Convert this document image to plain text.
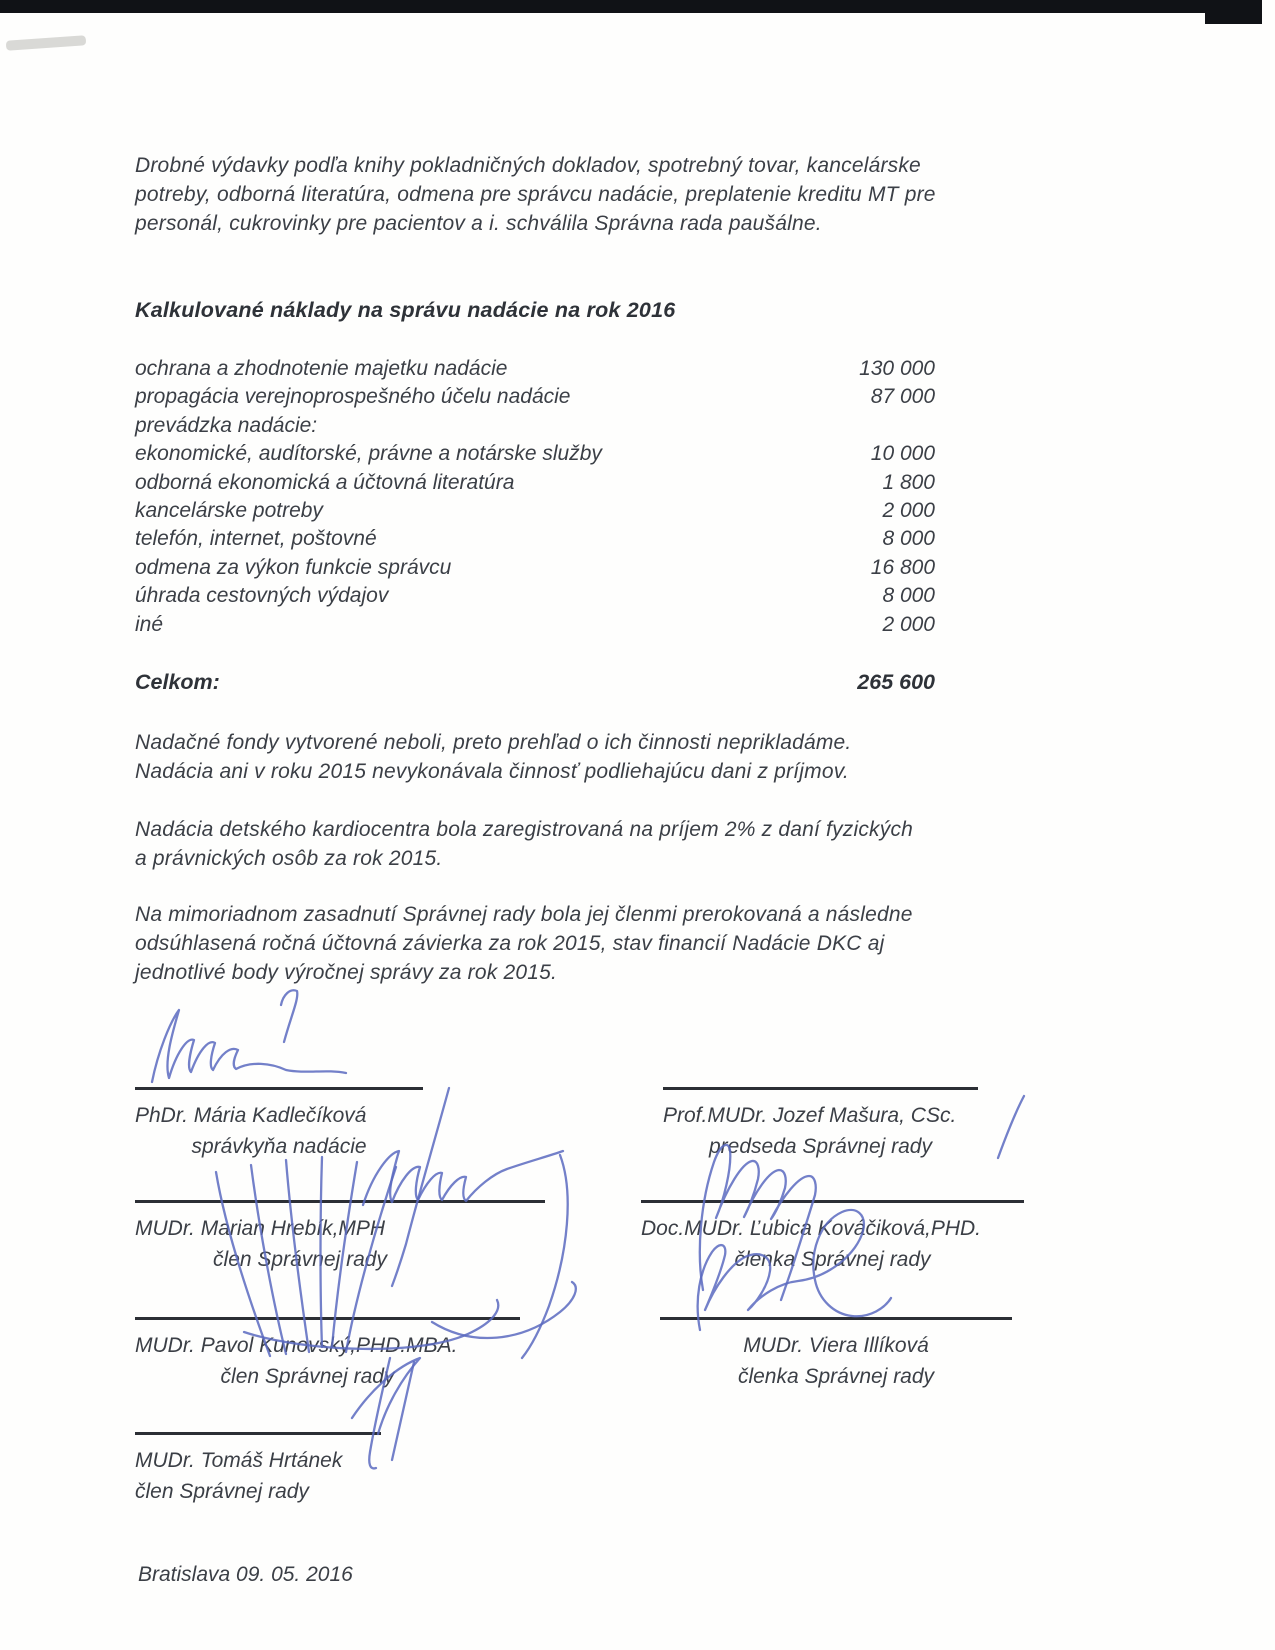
Drobné výdavky podľa knihy pokladničných dokladov, spotrebný tovar, kancelárske
potreby, odborná literatúra, odmena pre správcu nadácie, preplatenie kreditu MT pre
personál, cukrovinky pre pacientov a i. schválila Správna rada paušálne.
Kalkulované náklady na správu nadácie na rok 2016
ochrana a zhodnotenie majetku nadácie	130 000
propagácia verejnoprospešného účelu nadácie	87 000
prevádzka nadácie:
ekonomické, audítorské, právne a notárske služby	10 000
odborná ekonomická a účtovná literatúra	1 800
kancelárske potreby	2 000
telefón, internet, poštovné	8 000
odmena za výkon funkcie správcu	16 800
úhrada cestovných výdajov	8 000
iné	2 000
Celkom:	265 600
Nadačné fondy vytvorené neboli, preto prehľad o ich činnosti neprikladáme.
Nadácia ani v roku 2015 nevykonávala činnosť podliehajúcu dani z príjmov.
Nadácia detského kardiocentra bola zaregistrovaná na príjem 2% z daní fyzických
a právnických osôb za rok 2015.
Na mimoriadnom zasadnutí Správnej rady bola jej členmi prerokovaná a následne
odsúhlasená ročná účtovná závierka za rok 2015, stav financií Nadácie DKC aj
jednotlivé body výročnej správy za rok 2015.
PhDr. Mária Kadlečíková
správkyňa nadácie
Prof.MUDr. Jozef Mašura, CSc.
predseda Správnej rady
MUDr. Marian Hrebík,MPH
člen Správnej rady
Doc.MUDr. Ľubica Kováčiková,PHD.
členka Správnej rady
MUDr. Pavol Kunovský,PHD.MBA.
člen Správnej rady
MUDr. Viera Illíková
členka Správnej rady
MUDr. Tomáš Hrtánek
člen Správnej rady
Bratislava 09. 05. 2016
